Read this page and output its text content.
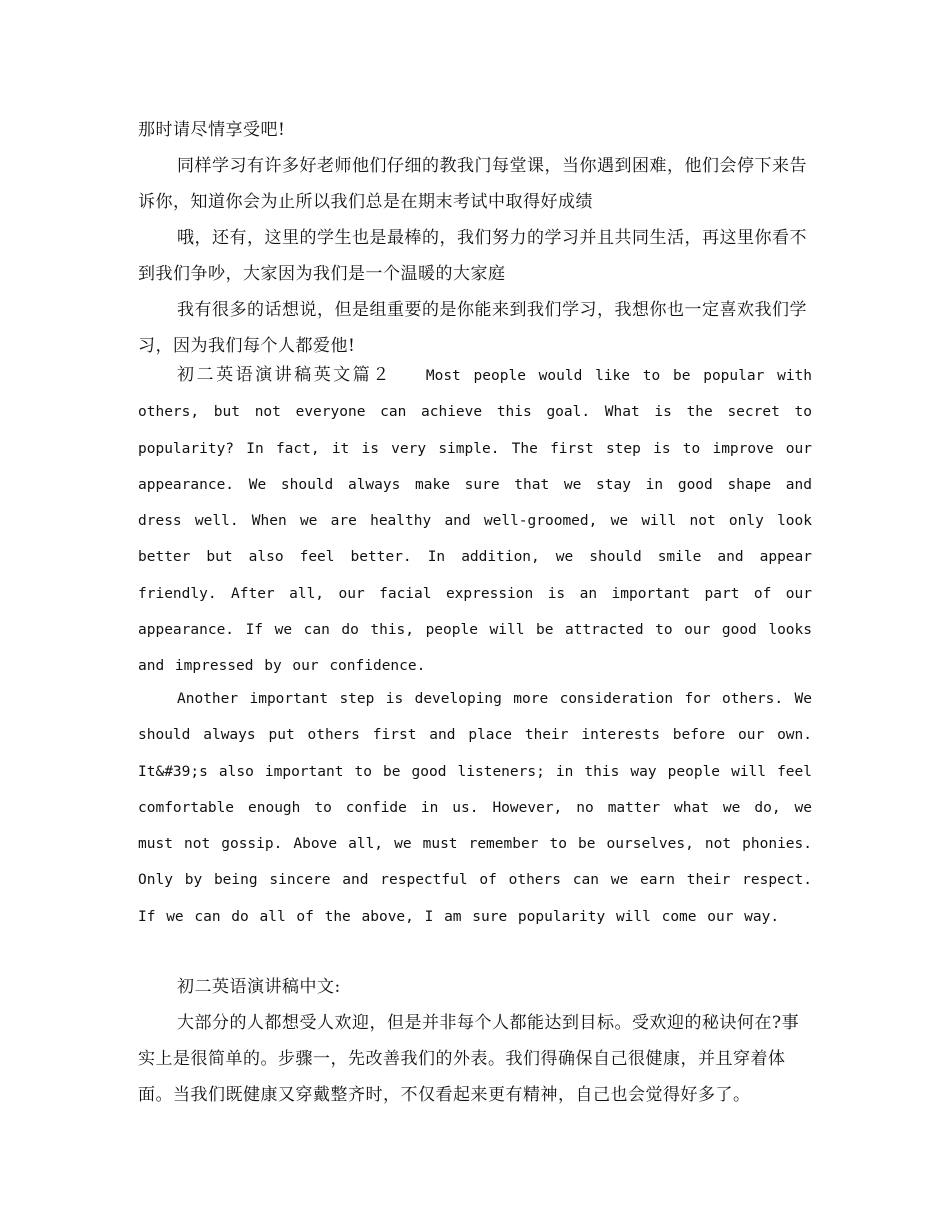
那时请尽情享受吧!

同样学习有许多好老师他们仔细的教我门每堂课，当你遇到困难，他们会停下来告诉你，知道你会为止所以我们总是在期末考试中取得好成绩

哦，还有，这里的学生也是最棒的，我们努力的学习并且共同生活，再这里你看不到我们争吵，大家因为我们是一个温暖的大家庭

我有很多的话想说，但是组重要的是你能来到我们学习，我想你也一定喜欢我们学习，因为我们每个人都爱他!

初二英语演讲稿英文篇２ Most people would like to be popular with others, but not everyone can achieve this goal. What is the secret to popularity? In fact, it is very simple. The first step is to improve our appearance. We should always make sure that we stay in good shape and dress well. When we are healthy and well-groomed, we will not only look better but also feel better. In addition, we should smile and appear friendly. After all, our facial expression is an important part of our appearance. If we can do this, people will be attracted to our good looks and impressed by our confidence.

Another important step is developing more consideration for others. We should always put others first and place their interests before our own. It&#39;s also important to be good listeners; in this way people will feel comfortable enough to confide in us. However, no matter what we do, we must not gossip. Above all, we must remember to be ourselves, not phonies. Only by being sincere and respectful of others can we earn their respect. If we can do all of the above, I am sure popularity will come our way.

初二英语演讲稿中文:

大部分的人都想受人欢迎，但是并非每个人都能达到目标。受欢迎的秘诀何在?事实上是很简单的。步骤一，先改善我们的外表。我们得确保自己很健康，并且穿着体面。当我们既健康又穿戴整齐时，不仅看起来更有精神，自己也会觉得好多了。
